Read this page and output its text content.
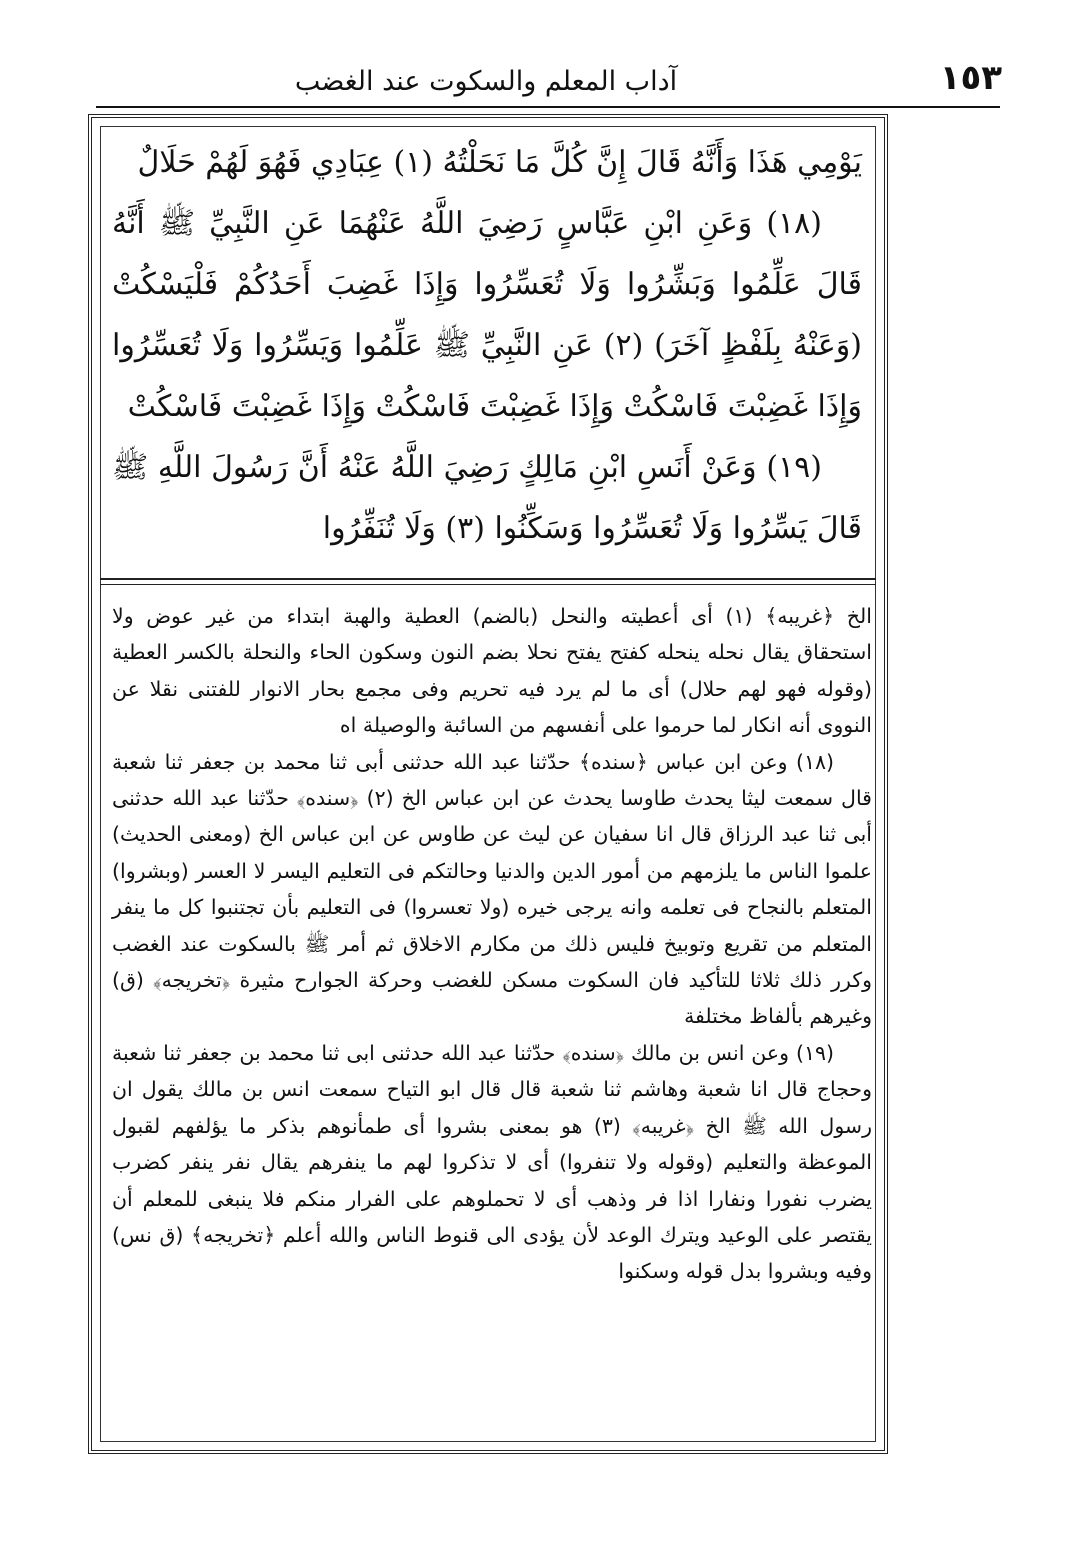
١٥٣
آداب المعلم والسكوت عند الغضب

يَوْمِي هَذَا وَأَنَّهُ قَالَ إِنَّ كُلَّ مَا نَحَلْتُهُ (١) عِبَادِي فَهُوَ لَهُمْ حَلَالٌ

(١٨) وَعَنِ ابْنِ عَبَّاسٍ رَضِيَ اللَّهُ عَنْهُمَا عَنِ النَّبِيِّ ﷺ أَنَّهُ قَالَ عَلِّمُوا وَبَشِّرُوا وَلَا تُعَسِّرُوا وَإِذَا غَضِبَ أَحَدُكُمْ فَلْيَسْكُتْ (وَعَنْهُ بِلَفْظٍ آخَرَ) (٢) عَنِ النَّبِيِّ ﷺ عَلِّمُوا وَيَسِّرُوا وَلَا تُعَسِّرُوا وَإِذَا غَضِبْتَ فَاسْكُتْ وَإِذَا غَضِبْتَ فَاسْكُتْ وَإِذَا غَضِبْتَ فَاسْكُتْ

(١٩) وَعَنْ أَنَسِ ابْنِ مَالِكٍ رَضِيَ اللَّهُ عَنْهُ أَنَّ رَسُولَ اللَّهِ ﷺ قَالَ يَسِّرُوا وَلَا تُعَسِّرُوا وَسَكِّنُوا (٣) وَلَا تُنَفِّرُوا

الخ ﴿غريبه﴾ (١) أى أعطيته والنحل (بالضم) العطية والهبة ابتداء من غير عوض ولا استحقاق يقال نحله ينحله كفتح يفتح نحلا بضم النون وسكون الحاء والنحلة بالكسر العطية (وقوله فهو لهم حلال) أى ما لم يرد فيه تحريم وفى مجمع بحار الانوار للفتنى نقلا عن النووى أنه انكار لما حرموا على أنفسهم من السائبة والوصيلة اه

(١٨) وعن ابن عباس ﴿سنده﴾ حدّثنا عبد الله حدثنى أبى ثنا محمد بن جعفر ثنا شعبة قال سمعت ليثا يحدث طاوسا يحدث عن ابن عباس الخ (٢) ﴿سنده﴾ حدّثنا عبد الله حدثنى أبى ثنا عبد الرزاق قال انا سفيان عن ليث عن طاوس عن ابن عباس الخ (ومعنى الحديث) علموا الناس ما يلزمهم من أمور الدين والدنيا وحالتكم فى التعليم اليسر لا العسر (وبشروا) المتعلم بالنجاح فى تعلمه وانه يرجى خيره (ولا تعسروا) فى التعليم بأن تجتنبوا كل ما ينفر المتعلم من تقريع وتوبيخ فليس ذلك من مكارم الاخلاق ثم أمر ﷺ بالسكوت عند الغضب وكرر ذلك ثلاثا للتأكيد فان السكوت مسكن للغضب وحركة الجوارح مثيرة ﴿تخريجه﴾ (ق) وغيرهم بألفاظ مختلفة

(١٩) وعن انس بن مالك ﴿سنده﴾ حدّثنا عبد الله حدثنى ابى ثنا محمد بن جعفر ثنا شعبة وحجاج قال انا شعبة وهاشم ثنا شعبة قال قال ابو التياح سمعت انس بن مالك يقول ان رسول الله ﷺ الخ ﴿غريبه﴾ (٣) هو بمعنى بشروا أى طمأنوهم بذكر ما يؤلفهم لقبول الموعظة والتعليم (وقوله ولا تنفروا) أى لا تذكروا لهم ما ينفرهم يقال نفر ينفر كضرب يضرب نفورا ونفارا اذا فر وذهب أى لا تحملوهم على الفرار منكم فلا ينبغى للمعلم أن يقتصر على الوعيد ويترك الوعد لأن يؤدى الى قنوط الناس والله أعلم ﴿تخريجه﴾ (ق نس) وفيه وبشروا بدل قوله وسكنوا
